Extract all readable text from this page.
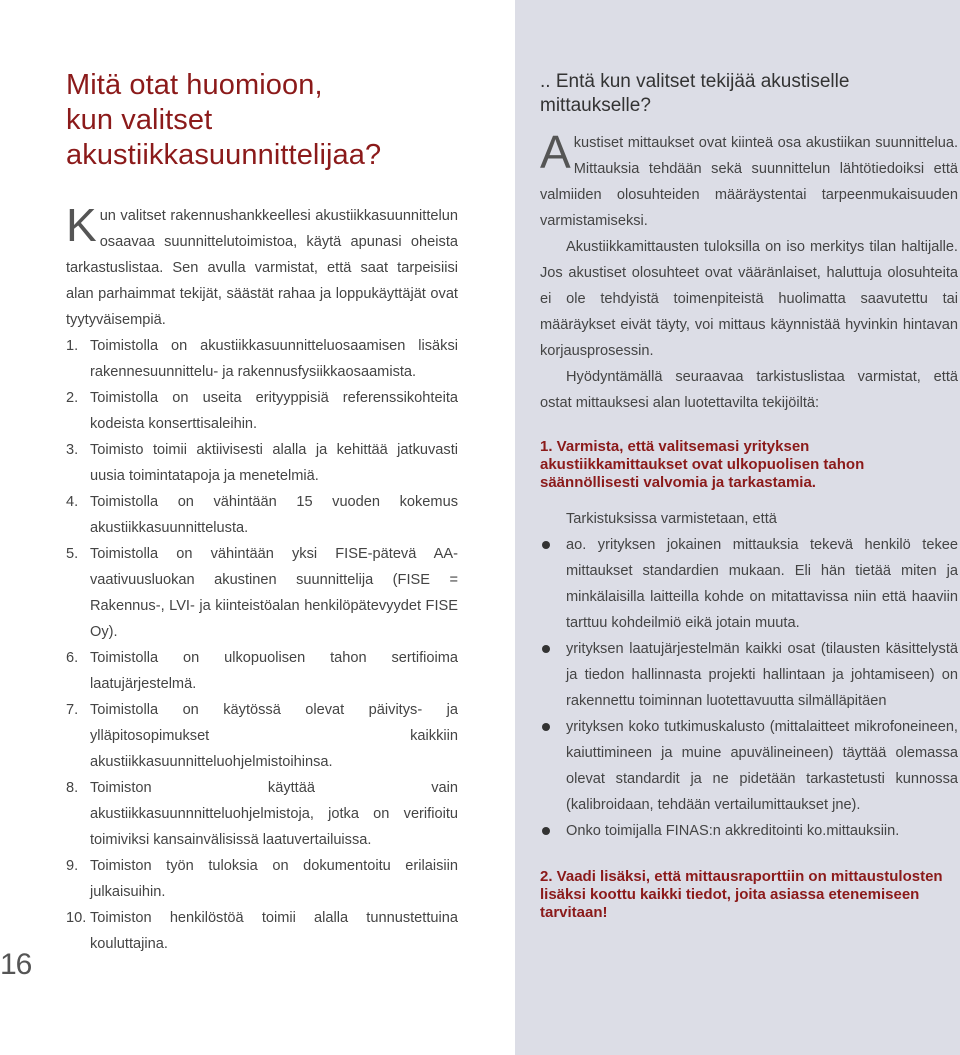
16
Mitä otat huomioon,
kun valitset
akustiikkasuunnittelijaa?

Kun valitset rakennushankkeellesi akustiikkasuunnittelun osaavaa suunnittelutoimistoa, käytä apunasi oheista tarkastuslistaa. Sen avulla varmistat, että saat tarpeisiisi alan parhaimmat tekijät, säästät rahaa ja loppukäyttäjät ovat tyytyväisempiä.

1. Toimistolla on akustiikkasuunnitteluosaamisen lisäksi rakennesuunnittelu- ja rakennusfysiikkaosaamista.
2. Toimistolla on useita erityyppisiä referenssikohteita kodeista konserttisaleihin.
3. Toimisto toimii aktiivisesti alalla ja kehittää jatkuvasti uusia toimintatapoja ja menetelmiä.
4. Toimistolla on vähintään 15 vuoden kokemus akustiikkasuunnittelusta.
5. Toimistolla on vähintään yksi FISE-pätevä AA-vaativuusluokan akustinen suunnittelija (FISE = Rakennus-, LVI- ja kiinteistöalan henkilöpätevyydet FISE Oy).
6. Toimistolla on ulkopuolisen tahon sertifioima laatujärjestelmä.
7. Toimistolla on käytössä olevat päivitys- ja ylläpitosopimukset kaikkiin akustiikkasuunnitteluohjelmistoihinsa.
8. Toimiston käyttää vain akustiikkasuunnnitteluohjelmistoja, jotka on verifioitu toimiviksi kansainvälisissä laatuvertailuissa.
9. Toimiston työn tuloksia on dokumentoitu erilaisiin julkaisuihin.
10. Toimiston henkilöstöä toimii alalla tunnustettuina kouluttajina.
.. Entä kun valitset tekijää akustiselle mittaukselle?

Akustiset mittaukset ovat kiinteä osa akustiikan suunnittelua. Mittauksia tehdään sekä suunnittelun lähtötiedoiksi että valmiiden olosuhteiden määräystentai tarpeenmukaisuuden varmistamiseksi.

Akustiikkamittausten tuloksilla on iso merkitys tilan haltijalle. Jos akustiset olosuhteet ovat vääränlaiset, haluttuja olosuhteita ei ole tehdyistä toimenpiteistä huolimatta saavutettu tai määräykset eivät täyty, voi mittaus käynnistää hyvinkin hintavan korjausprosessin.

Hyödyntämällä seuraavaa tarkistuslistaa varmistat, että ostat mittauksesi alan luotettavilta tekijöiltä:

1. Varmista, että valitsemasi yrityksen akustiikkamittaukset ovat ulkopuolisen tahon säännöllisesti valvomia ja tarkastamia.

Tarkistuksissa varmistetaan, että

ao. yrityksen jokainen mittauksia tekevä henkilö tekee mittaukset standardien mukaan. Eli hän tietää miten ja minkälaisilla laitteilla kohde on mitattavissa niin että haaviin tarttuu kohdeilmiö eikä jotain muuta.
yrityksen laatujärjestelmän kaikki osat (tilausten käsittelystä ja tiedon hallinnasta projekti hallintaan ja johtamiseen) on rakennettu toiminnan luotettavuutta silmälläpitäen
yrityksen koko tutkimuskalusto (mittalaitteet mikrofoneineen, kaiuttimineen ja muine apuvälineineen) täyttää olemassa olevat standardit ja ne pidetään tarkastetusti kunnossa (kalibroidaan, tehdään vertailumittaukset jne).
Onko toimijalla FINAS:n akkreditointi ko.mittauksiin.

2. Vaadi lisäksi, että mittausraporttiin on mittaustulosten lisäksi koottu kaikki tiedot, joita asiassa etenemiseen tarvitaan!
